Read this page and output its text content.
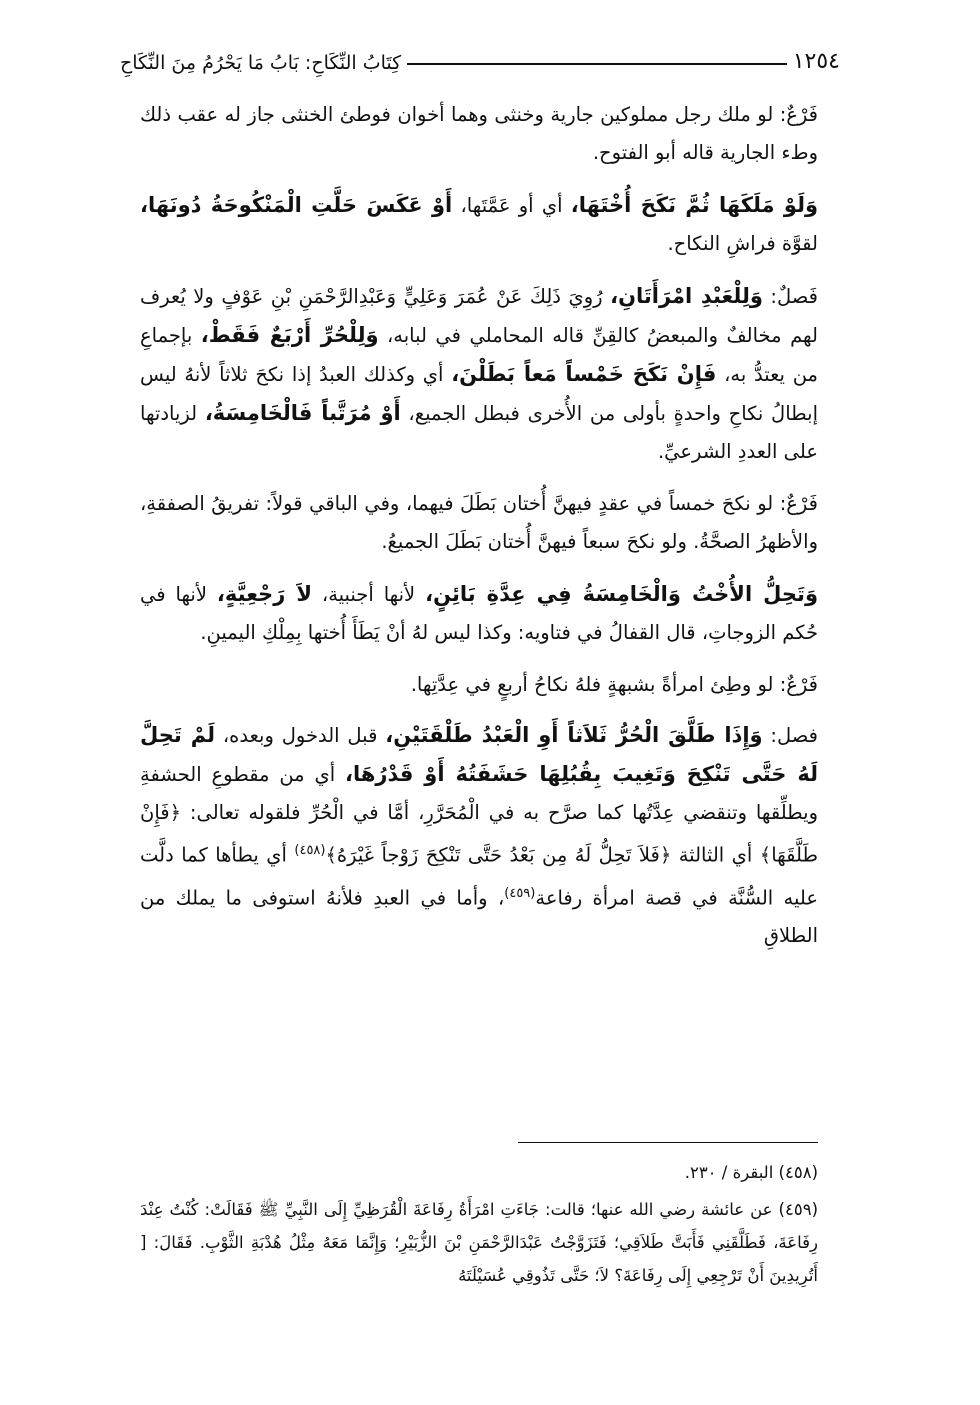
١٢٥٤
كِتَابُ النِّكَاحِ: بَابُ مَا يَحْرُمُ مِنَ النِّكَاحِ

فَرْعٌ: لو ملك رجل مملوكين جارية وخنثى وهما أخوان فوطئ الخنثى جاز له عقب ذلك وطء الجارية قاله أبو الفتوح.

وَلَوْ مَلَكَهَا ثُمَّ نَكَحَ أُخْتَهَا، أي أو عَمَّتَها، أَوْ عَكَسَ حَلَّتِ الْمَنْكُوحَةُ دُونَهَا، لقوَّة فراشِ النكاح.

فَصلٌ: وَلِلْعَبْدِ امْرَأَتَانِ، رُوِيَ ذَلِكَ عَنْ عُمَرَ وَعَلِيٍّ وَعَبْدِالرَّحْمَنِ بْنِ عَوْفٍ ولا يُعرف لهم مخالفٌ والمبعضُ كالقِنِّ قاله المحاملي في لبابه، وَلِلْحُرِّ أَرْبَعٌ فَقَطْ، بإجماعِ من يعتدُّ به، فَإِنْ نَكَحَ خَمْساً مَعاً بَطَلْنَ، أي وكذلك العبدُ إذا نكحَ ثلاثاً لأنهُ ليس إبطالُ نكاحِ واحدةٍ بأولى من الأُخرى فبطل الجميع، أَوْ مُرَتَّباً فَالْخَامِسَةُ، لزيادتها على العددِ الشرعيِّ.

فَرْعٌ: لو نكحَ خمساً في عقدٍ فيهنَّ أُختان بَطَلَ فيهما، وفي الباقي قولاً: تفريقُ الصفقةِ، والأظهرُ الصحَّةُ. ولو نكحَ سبعاً فيهنَّ أُختان بَطَلَ الجميعُ.

وَتَحِلُّ الأُخْتُ وَالْخَامِسَةُ فِي عِدَّةِ بَائِنٍ، لأنها أجنبية، لاَ رَجْعِيَّةٍ، لأنها في حُكم الزوجاتِ، قال القفالُ في فتاويه: وكذا ليس لهُ أنْ يَطَأَ أُختها بِمِلْكِ اليمينِ.

فَرْعٌ: لو وطِئ امرأةً بشبهةٍ فلهُ نكاحُ أربعٍ في عِدَّتِها.

فصل: وَإِذَا طَلَّقَ الْحُرُّ ثَلاَثاً أَوِ الْعَبْدُ طَلْقَتَيْنِ، قبل الدخول وبعده، لَمْ تَحِلَّ لَهُ حَتَّى تَنْكِحَ وَتَغِيبَ بِقُبُلِهَا حَشَفَتُهُ أَوْ قَدْرُهَا، أي من مقطوعِ الحشفةِ ويطلِّقها وتنقضي عِدَّتُها كما صرَّح به في الْمُحَرَّرِ، أمَّا في الْحُرِّ فلقوله تعالى: ﴿فَإِنْ طَلَّقَهَا﴾ أي الثالثة ﴿فَلاَ تَحِلُّ لَهُ مِن بَعْدُ حَتَّى تَنْكِحَ زَوْجاً غَيْرَهُ﴾$^{(٤٥٨)}$ أي يطأها كما دلَّت عليه السُّنَّة في قصة امرأة رفاعة$^{(٤٥٩)}$، وأما في العبدِ فلأنهُ استوفى ما يملك من الطلاقِ

(٤٥٨) البقرة / ٢٣٠.

(٤٥٩) عن عائشة رضي الله عنها؛ قالت: جَاءَتِ امْرَأَةُ رِفَاعَةَ الْقُرَظِيِّ إِلَى النَّبِيِّ ﷺ فَقَالَتْ: كُنْتُ عِنْدَ رِفَاعَةَ، فَطَلَّقَنِي فَأَبَتَّ طَلاَقِي؛ فَتَزَوَّجْتُ عَبْدَالرَّحْمَنِ بْنَ الزُّبَيْرِ؛ وَإِنَّمَا مَعَهُ مِثْلُ هُدْبَةِ الثَّوْبِ. فَقَالَ: [ أَتُرِيدِينَ أَنْ تَرْجِعِي إِلَى رِفَاعَةَ؟ لاَ؛ حَتَّى تَذُوقِي عُسَيْلَتَهُ
